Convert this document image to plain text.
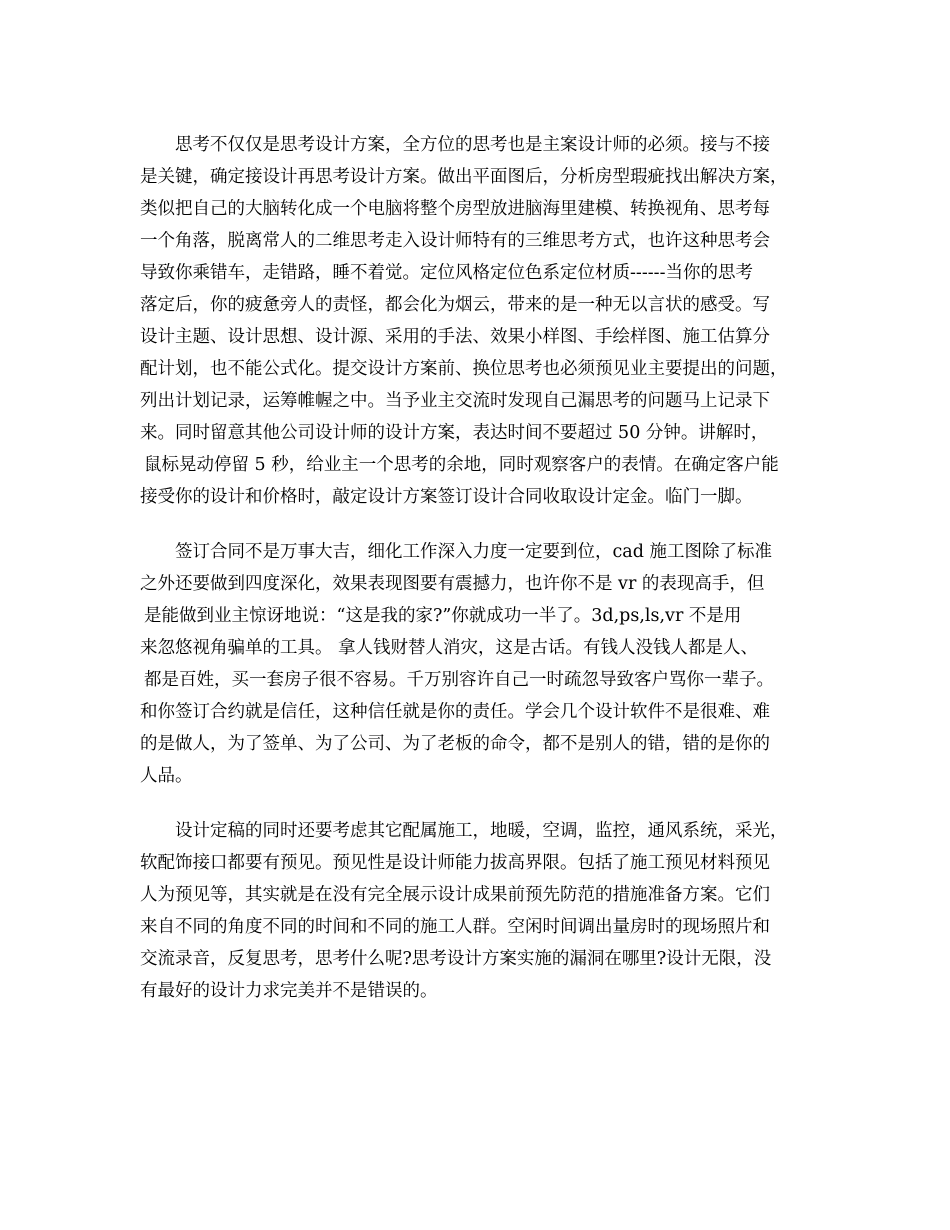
思考不仅仅是思考设计方案，全方位的思考也是主案设计师的必须。接与不接
是关键，确定接设计再思考设计方案。做出平面图后，分析房型瑕疵找出解决方案，
类似把自己的大脑转化成一个电脑将整个房型放进脑海里建模、转换视角、思考每
一个角落，脱离常人的二维思考走入设计师特有的三维思考方式，也许这种思考会
导致你乘错车，走错路，睡不着觉。定位风格定位色系定位材质------当你的思考
落定后，你的疲惫旁人的责怪，都会化为烟云，带来的是一种无以言状的感受。写
设计主题、设计思想、设计源、采用的手法、效果小样图、手绘样图、施工估算分
配计划，也不能公式化。提交设计方案前、换位思考也必须预见业主要提出的问题，
列出计划记录，运筹帷幄之中。当予业主交流时发现自己漏思考的问题马上记录下
来。同时留意其他公司设计师的设计方案，表达时间不要超过 50 分钟。讲解时，
鼠标晃动停留 5 秒，给业主一个思考的余地，同时观察客户的表情。在确定客户能
接受你的设计和价格时，敲定设计方案签订设计合同收取设计定金。临门一脚。
签订合同不是万事大吉，细化工作深入力度一定要到位，cad 施工图除了标准
之外还要做到四度深化，效果表现图要有震撼力，也许你不是 vr 的表现高手，但
是能做到业主惊讶地说：“这是我的家?”你就成功一半了。3d,ps,ls,vr 不是用
来忽悠视角骗单的工具。 拿人钱财替人消灾，这是古话。有钱人没钱人都是人、
都是百姓，买一套房子很不容易。千万别容许自己一时疏忽导致客户骂你一辈子。
和你签订合约就是信任，这种信任就是你的责任。学会几个设计软件不是很难、难
的是做人，为了签单、为了公司、为了老板的命令，都不是别人的错，错的是你的
人品。
设计定稿的同时还要考虑其它配属施工，地暖，空调，监控，通风系统，采光，
软配饰接口都要有预见。预见性是设计师能力拔高界限。包括了施工预见材料预见
人为预见等，其实就是在没有完全展示设计成果前预先防范的措施准备方案。它们
来自不同的角度不同的时间和不同的施工人群。空闲时间调出量房时的现场照片和
交流录音，反复思考，思考什么呢?思考设计方案实施的漏洞在哪里?设计无限，没
有最好的设计力求完美并不是错误的。
